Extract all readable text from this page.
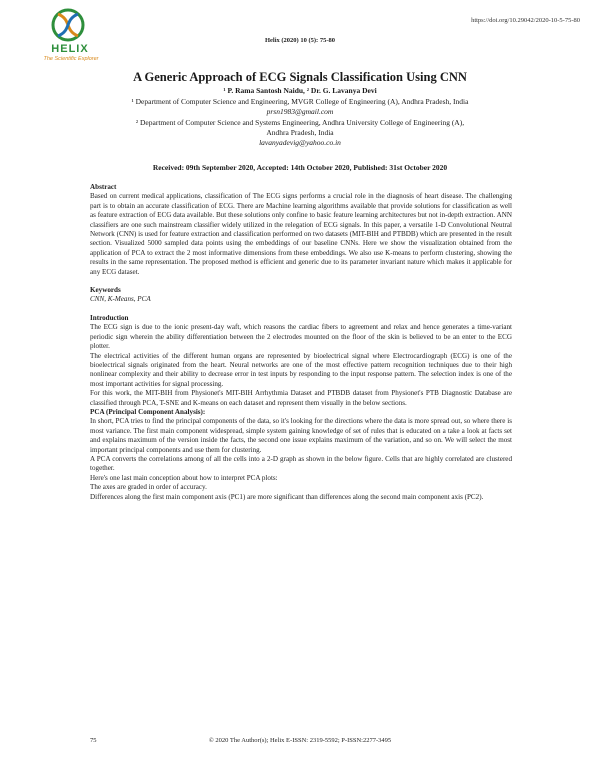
HELIX
The Scientific Explorer
https://doi.org/10.29042/2020-10-5-75-80
Helix (2020) 10 (5): 75-80
A Generic Approach of ECG Signals Classification Using CNN
¹ P. Rama Santosh Naidu, ² Dr. G. Lavanya Devi
¹ Department of Computer Science and Engineering, MVGR College of Engineering (A), Andhra Pradesh, India
prsn1983@gmail.com
² Department of Computer Science and Systems Engineering, Andhra University College of Engineering (A),
Andhra Pradesh, India
lavanyadevig@yahoo.co.in
Received: 09th September 2020, Accepted: 14th October 2020, Published: 31st October 2020
Abstract
Based on current medical applications, classification of The ECG signs performs a crucial role in the diagnosis of heart disease. The challenging part is to obtain an accurate classification of ECG. There are Machine learning algorithms available that provide solutions for classification as well as feature extraction of ECG data available. But these solutions only confine to basic feature learning architectures but not in-depth extraction. ANN classifiers are one such mainstream classifier widely utilized in the relegation of ECG signals. In this paper, a versatile 1-D Convolutional Neutral Network (CNN) is used for feature extraction and classification performed on two datasets (MIT-BIH and PTBDB) which are presented in the result section. Visualized 5000 sampled data points using the embeddings of our baseline CNNs. Here we show the visualization obtained from the application of PCA to extract the 2 most informative dimensions from these embeddings. We also use K-means to perform clustering, showing the results in the same representation. The proposed method is efficient and generic due to its parameter invariant nature which makes it applicable for any ECG dataset.
Keywords
CNN, K-Means, PCA
Introduction
The ECG sign is due to the ionic present-day waft, which reasons the cardiac fibers to agreement and relax and hence generates a time-variant periodic sign wherein the ability differentiation between the 2 electrodes mounted on the floor of the skin is believed to be an enter to the ECG plotter.
The electrical activities of the different human organs are represented by bioelectrical signal where Electrocardiograph (ECG) is one of the bioelectrical signals originated from the heart. Neural networks are one of the most effective pattern recognition techniques due to their high nonlinear complexity and their ability to decrease error in test inputs by responding to the input response pattern. The selection index is one of the most important activities for signal processing.
For this work, the MIT-BIH from Physionet's MIT-BIH Arrhythmia Dataset and PTBDB dataset from Physionet's PTB Diagnostic Database are classified through PCA, T-SNE and K-means on each dataset and represent them visually in the below sections.
PCA (Principal Component Analysis):
In short, PCA tries to find the principal components of the data, so it's looking for the directions where the data is more spread out, so where there is most variance. The first main component widespread, simple system gaining knowledge of set of rules that is educated on a take a look at facts set and explains maximum of the version inside the facts, the second one issue explains maximum of the variation, and so on. We will select the most important principal components and use them for clustering.
A PCA converts the correlations among of all the cells into a 2-D graph as shown in the below figure. Cells that are highly correlated are clustered together.
Here's one last main conception about how to interpret PCA plots:
The axes are graded in order of accuracy.
Differences along the first main component axis (PC1) are more significant than differences along the second main component axis (PC2).
75	© 2020 The Author(s); Helix E-ISSN: 2319-5592; P-ISSN:2277-3495
